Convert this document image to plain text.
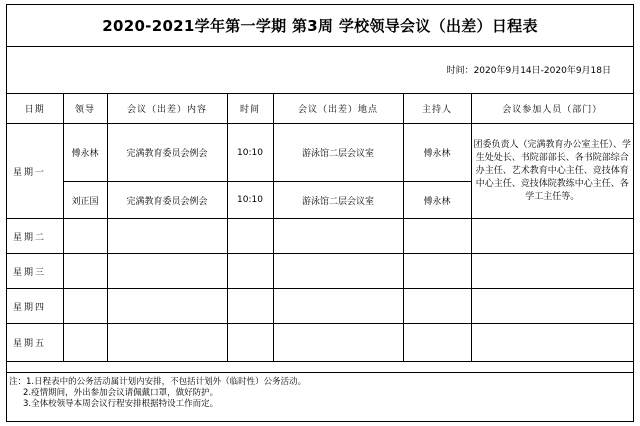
2020-2021学年第一学期 第3周 学校领导会议（出差）日程表
时间：2020年9月14日-2020年9月18日
日期	领导	会议（出差）内容	时间	会议（出差）地点	主持人	会议参加人员（部门）
星期一	傅永林	完满教育委员会例会	10:10	游泳馆二层会议室	傅永林	团委负责人（完满教育办公室主任）、学生处处长、书院部部长、各书院部综合办主任、艺术教育中心主任、竞技体育中心主任、竞技体院教练中心主任、各学工主任等。
	刘正国	完满教育委员会例会	10:10	游泳馆二层会议室	傅永林	
星期二						
星期三						
星期四						
星期五						
注：1.日程表中的公务活动属计划内安排，不包括计划外（临时性）公务活动。
2.疫情期间，外出参加会议请佩戴口罩，做好防护。
3.全体校领导本周会议行程安排根据特设工作而定。
